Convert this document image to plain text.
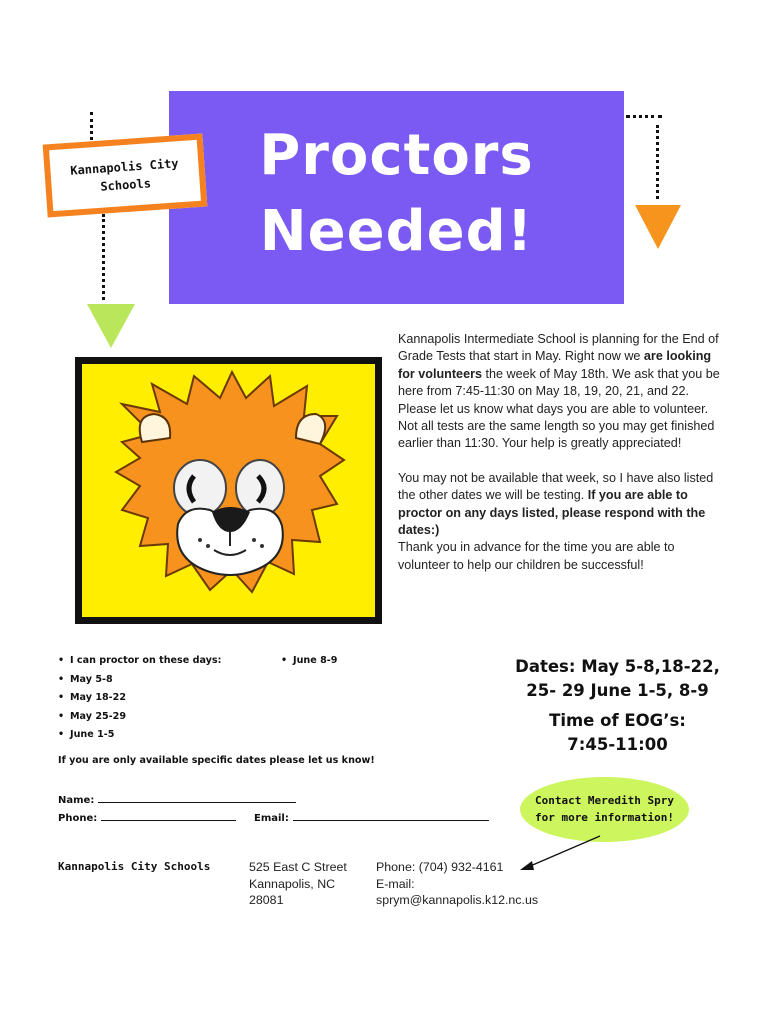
Proctors
Needed!
Kannapolis City
Schools

Kannapolis Intermediate School is planning for the End of Grade Tests that start in May. Right now we are looking for volunteers the week of May 18th. We ask that you be here from 7:45-11:30 on May 18, 19, 20, 21, and 22. Please let us know what days you are able to volunteer. Not all tests are the same length so you may get finished earlier than 11:30. Your help is greatly appreciated!

You may not be available that week, so I have also listed the other dates we will be testing. If you are able to proctor on any days listed, please respond with the dates:)

Thank you in advance for the time you are able to volunteer to help our children be successful!

• I can proctor on these days:
• May 5-8
• May 18-22
• May 25-29
• June 1-5
• June 8-9
If you are only available specific dates please let us know!
Name:
Phone:	Email:
Dates: May 5-8,18-22,
25- 29 June 1-5, 8-9
Time of EOG’s:
7:45-11:00
Contact Meredith Spry
for more information!
Kannapolis City Schools	525 East C Street
Kannapolis, NC
28081
Phone: (704) 932-4161
E-mail:
sprym@kannapolis.k12.nc.us
